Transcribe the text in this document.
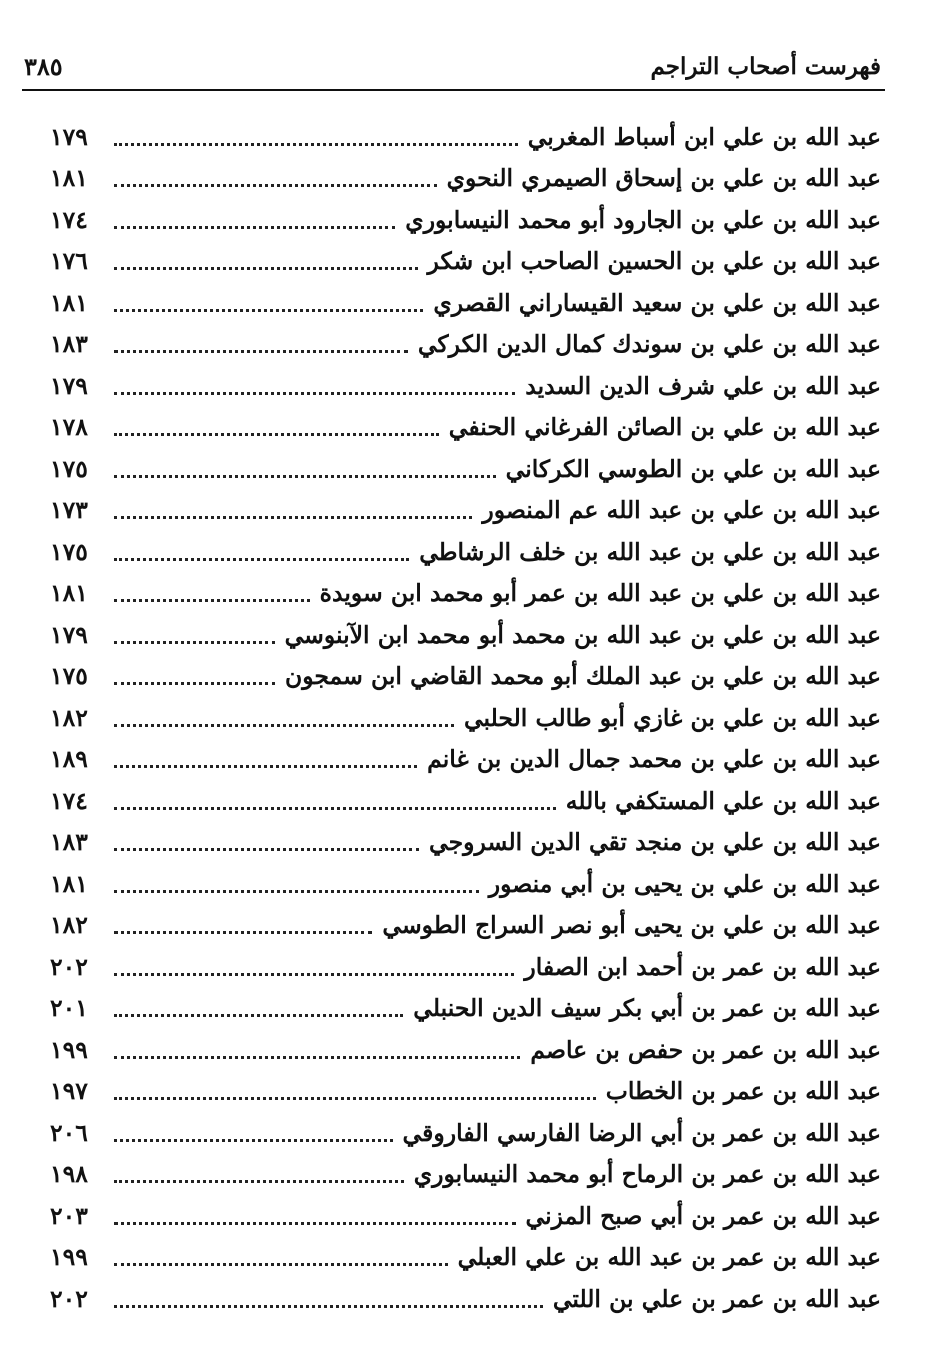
فهرست أصحاب التراجم
٣٨٥
عبد الله بن علي ابن أسباط المغربي
١٧٩
عبد الله بن علي بن إسحاق الصيمري النحوي
١٨١
عبد الله بن علي بن الجارود أبو محمد النيسابوري
١٧٤
عبد الله بن علي بن الحسين الصاحب ابن شكر
١٧٦
عبد الله بن علي بن سعيد القيساراني القصري
١٨١
عبد الله بن علي بن سوندك كمال الدين الكركي
١٨٣
عبد الله بن علي شرف الدين السديد
١٧٩
عبد الله بن علي بن الصائن الفرغاني الحنفي
١٧٨
عبد الله بن علي بن الطوسي الكركاني
١٧٥
عبد الله بن علي بن عبد الله عم المنصور
١٧٣
عبد الله بن علي بن عبد الله بن خلف الرشاطي
١٧٥
عبد الله بن علي بن عبد الله بن عمر أبو محمد ابن سويدة
١٨١
عبد الله بن علي بن عبد الله بن محمد أبو محمد ابن الآبنوسي
١٧٩
عبد الله بن علي بن عبد الملك أبو محمد القاضي ابن سمجون
١٧٥
عبد الله بن علي بن غازي أبو طالب الحلبي
١٨٢
عبد الله بن علي بن محمد جمال الدين بن غانم
١٨٩
عبد الله بن علي المستكفي بالله
١٧٤
عبد الله بن علي بن منجد تقي الدين السروجي
١٨٣
عبد الله بن علي بن يحيى بن أبي منصور
١٨١
عبد الله بن علي بن يحيى أبو نصر السراج الطوسي
١٨٢
عبد الله بن عمر بن أحمد ابن الصفار
٢٠٢
عبد الله بن عمر بن أبي بكر سيف الدين الحنبلي
٢٠١
عبد الله بن عمر بن حفص بن عاصم
١٩٩
عبد الله بن عمر بن الخطاب
١٩٧
عبد الله بن عمر بن أبي الرضا الفارسي الفاروقي
٢٠٦
عبد الله بن عمر بن الرماح أبو محمد النيسابوري
١٩٨
عبد الله بن عمر بن أبي صبح المزني
٢٠٣
عبد الله بن عمر بن عبد الله بن علي العبلي
١٩٩
عبد الله بن عمر بن علي بن اللتي
٢٠٢
